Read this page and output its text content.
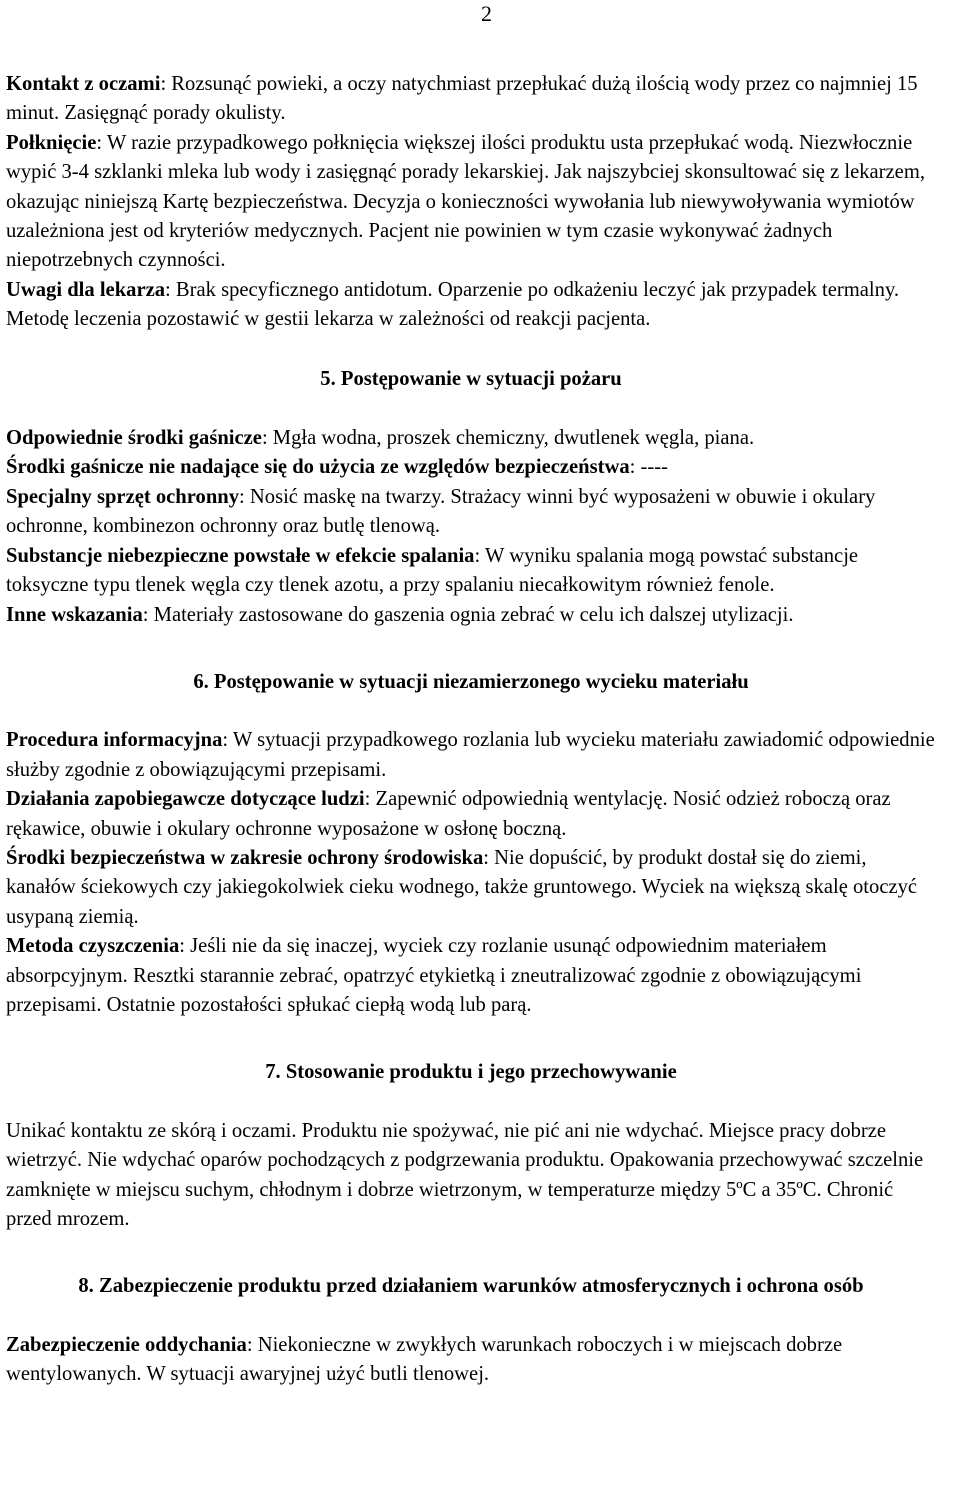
2

Kontakt z oczami: Rozsunąć powieki, a oczy natychmiast przepłukać dużą ilością wody przez co najmniej 15 minut. Zasięgnąć porady okulisty.

Połknięcie: W razie przypadkowego połknięcia większej ilości produktu usta przepłukać wodą. Niezwłocznie wypić 3-4 szklanki mleka lub wody i zasięgnąć porady lekarskiej. Jak najszybciej skonsultować się z lekarzem, okazując niniejszą Kartę bezpieczeństwa. Decyzja o konieczności wywołania lub niewywoływania wymiotów uzależniona jest od kryteriów medycznych. Pacjent nie powinien w tym czasie wykonywać żadnych niepotrzebnych czynności.

Uwagi dla lekarza: Brak specyficznego antidotum. Oparzenie po odkażeniu leczyć jak przypadek termalny. Metodę leczenia pozostawić w gestii lekarza w zależności od reakcji pacjenta.

5. Postępowanie w sytuacji pożaru

Odpowiednie środki gaśnicze: Mgła wodna, proszek chemiczny, dwutlenek węgla, piana.

Środki gaśnicze nie nadające się do użycia ze względów bezpieczeństwa: ----

Specjalny sprzęt ochronny: Nosić maskę na twarzy. Strażacy winni być wyposażeni w obuwie i okulary ochronne, kombinezon ochronny oraz butlę tlenową.

Substancje niebezpieczne powstałe w efekcie spalania: W wyniku spalania mogą powstać substancje toksyczne typu tlenek węgla czy tlenek azotu, a przy spalaniu niecałkowitym również fenole.

Inne wskazania: Materiały zastosowane do gaszenia ognia zebrać w celu ich dalszej utylizacji.

6. Postępowanie w sytuacji niezamierzonego wycieku materiału

Procedura informacyjna: W sytuacji przypadkowego rozlania lub wycieku materiału zawiadomić odpowiednie służby zgodnie z obowiązującymi przepisami.

Działania zapobiegawcze dotyczące ludzi: Zapewnić odpowiednią wentylację. Nosić odzież roboczą oraz rękawice, obuwie i okulary ochronne wyposażone w osłonę boczną.

Środki bezpieczeństwa w zakresie ochrony środowiska: Nie dopuścić, by produkt dostał się do ziemi, kanałów ściekowych czy jakiegokolwiek cieku wodnego, także gruntowego. Wyciek na większą skalę otoczyć usypaną ziemią.

Metoda czyszczenia: Jeśli nie da się inaczej, wyciek czy rozlanie usunąć odpowiednim materiałem absorpcyjnym. Resztki starannie zebrać, opatrzyć etykietką i zneutralizować zgodnie z obowiązującymi przepisami. Ostatnie pozostałości spłukać ciepłą wodą lub parą.

7. Stosowanie produktu i jego przechowywanie

Unikać kontaktu ze skórą i oczami. Produktu nie spożywać, nie pić ani nie wdychać. Miejsce pracy dobrze wietrzyć. Nie wdychać oparów pochodzących z podgrzewania produktu. Opakowania przechowywać szczelnie zamknięte w miejscu suchym, chłodnym i dobrze wietrzonym, w temperaturze między 5ºC a 35ºC. Chronić przed mrozem.

8. Zabezpieczenie produktu przed działaniem warunków atmosferycznych i ochrona osób

Zabezpieczenie oddychania: Niekonieczne w zwykłych warunkach roboczych i w miejscach dobrze wentylowanych. W sytuacji awaryjnej użyć butli tlenowej.
